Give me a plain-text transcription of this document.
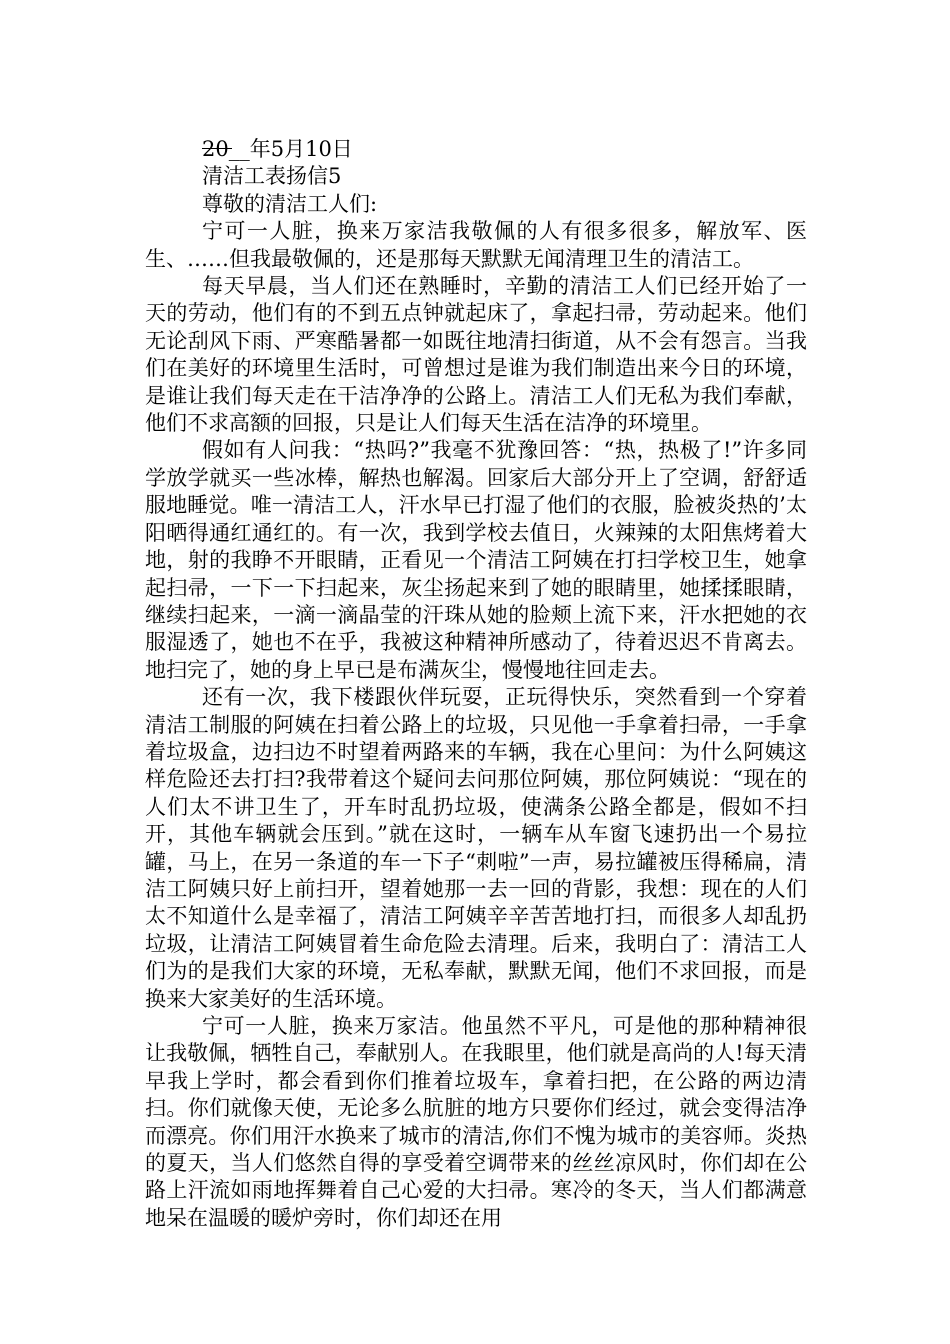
20__年5月10日
清洁工表扬信5
尊敬的清洁工人们:

宁可一人脏，换来万家洁我敬佩的人有很多很多，解放军、医生、……但我最敬佩的，还是那每天默默无闻清理卫生的清洁工。

每天早晨，当人们还在熟睡时，辛勤的清洁工人们已经开始了一天的劳动，他们有的不到五点钟就起床了，拿起扫帚，劳动起来。他们无论刮风下雨、严寒酷暑都一如既往地清扫街道，从不会有怨言。当我们在美好的环境里生活时，可曾想过是谁为我们制造出来今日的环境，是谁让我们每天走在干洁净净的公路上。清洁工人们无私为我们奉献，他们不求高额的回报，只是让人们每天生活在洁净的环境里。

假如有人问我：“热吗?”我毫不犹豫回答：“热，热极了!”许多同学放学就买一些冰棒，解热也解渴。回家后大部分开上了空调，舒舒适服地睡觉。唯一清洁工人，汗水早已打湿了他们的衣服，脸被炎热的’太阳晒得通红通红的。有一次，我到学校去值日，火辣辣的太阳焦烤着大地，射的我睁不开眼睛，正看见一个清洁工阿姨在打扫学校卫生，她拿起扫帚，一下一下扫起来，灰尘扬起来到了她的眼睛里，她揉揉眼睛，继续扫起来，一滴一滴晶莹的汗珠从她的脸颊上流下来，汗水把她的衣服湿透了，她也不在乎，我被这种精神所感动了，待着迟迟不肯离去。地扫完了，她的身上早已是布满灰尘，慢慢地往回走去。

还有一次，我下楼跟伙伴玩耍，正玩得快乐，突然看到一个穿着清洁工制服的阿姨在扫着公路上的垃圾，只见他一手拿着扫帚，一手拿着垃圾盒，边扫边不时望着两路来的车辆，我在心里问：为什么阿姨这样危险还去打扫?我带着这个疑问去问那位阿姨，那位阿姨说：“现在的人们太不讲卫生了，开车时乱扔垃圾，使满条公路全都是，假如不扫开，其他车辆就会压到。”就在这时，一辆车从车窗飞速扔出一个易拉罐，马上，在另一条道的车一下子“刺啦”一声，易拉罐被压得稀扁，清洁工阿姨只好上前扫开，望着她那一去一回的背影，我想：现在的人们太不知道什么是幸福了，清洁工阿姨辛辛苦苦地打扫，而很多人却乱扔垃圾，让清洁工阿姨冒着生命危险去清理。后来，我明白了：清洁工人们为的是我们大家的环境，无私奉献，默默无闻，他们不求回报，而是换来大家美好的生活环境。

宁可一人脏，换来万家洁。他虽然不平凡，可是他的那种精神很让我敬佩，牺牲自己，奉献别人。在我眼里，他们就是高尚的人!每天清早我上学时，都会看到你们推着垃圾车，拿着扫把，在公路的两边清扫。你们就像天使，无论多么肮脏的地方只要你们经过，就会变得洁净而漂亮。你们用汗水换来了城市的清洁,你们不愧为城市的美容师。炎热的夏天，当人们悠然自得的享受着空调带来的丝丝凉风时，你们却在公路上汗流如雨地挥舞着自己心爱的大扫帚。寒冷的冬天，当人们都满意地呆在温暖的暖炉旁时，你们却还在用
